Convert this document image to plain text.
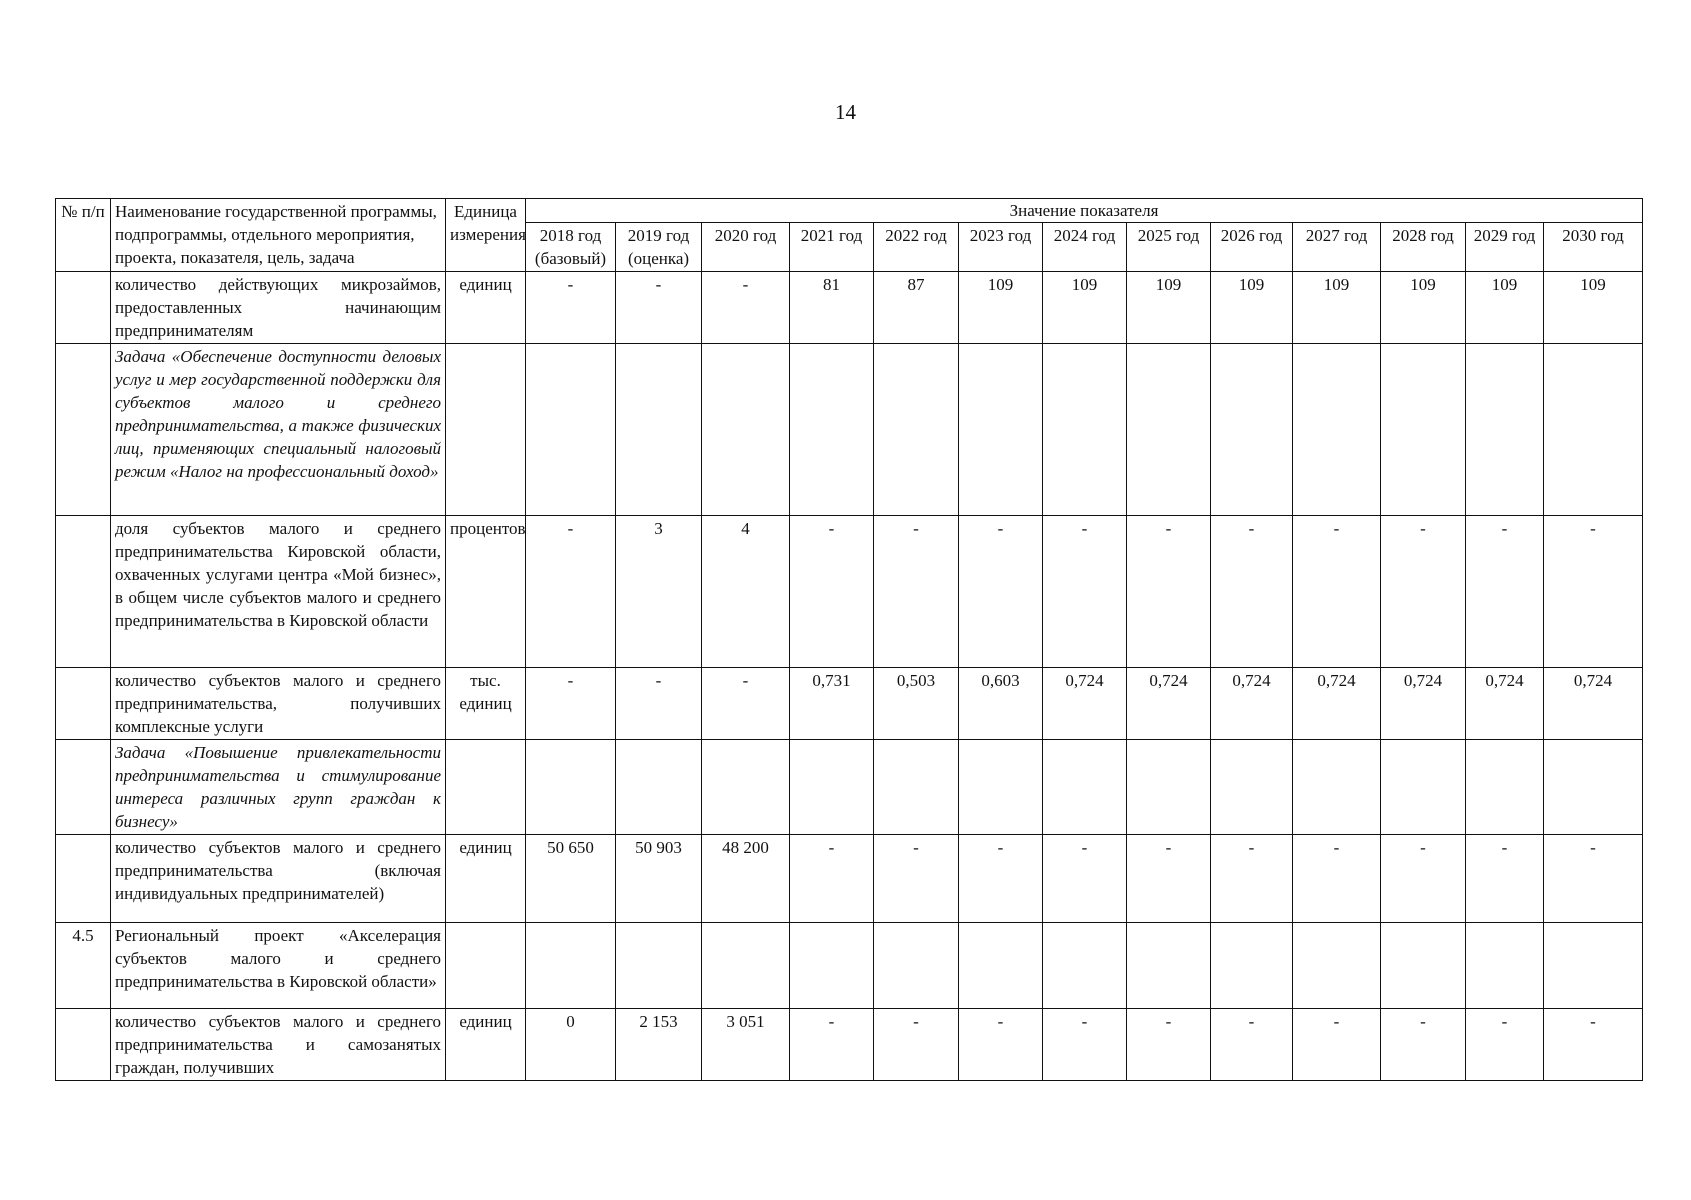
14
№ п/п	Наименование государственной программы, подпрограммы, отдельного мероприятия, проекта, показателя, цель, задача	Единица измерения	Значение показателя												
			2018 год (базовый)	2019 год (оценка)	2020 год	2021 год	2022 год	2023 год	2024 год	2025 год	2026 год	2027 год	2028 год	2029 год	2030 год
	количество действующих микрозаймов, предоставленных начинающим предпринимателям	единиц	-	-	-	81	87	109	109	109	109	109	109	109	109
	Задача «Обеспечение доступности деловых услуг и мер государственной поддержки для субъектов малого и среднего предпринимательства, а также физических лиц, применяющих специальный налоговый режим «Налог на профессиональный доход»														
	доля субъектов малого и среднего предпринимательства Кировской области, охваченных услугами центра «Мой бизнес», в общем числе субъектов малого и среднего предпринимательства в Кировской области	процентов	-	3	4	-	-	-	-	-	-	-	-	-	-
	количество субъектов малого и среднего предпринимательства, получивших комплексные услуги	тыс. единиц	-	-	-	0,731	0,503	0,603	0,724	0,724	0,724	0,724	0,724	0,724	0,724
	Задача «Повышение привлекательности предпринимательства и стимулирование интереса различных групп граждан к бизнесу»														
	количество субъектов малого и среднего предпринимательства (включая индивидуальных предпринимателей)	единиц	50 650	50 903	48 200	-	-	-	-	-	-	-	-	-	-
4.5	Региональный проект «Акселерация субъектов малого и среднего предпринимательства в Кировской области»														
	количество субъектов малого и среднего предпринимательства и самозанятых граждан, получивших	единиц	0	2 153	3 051	-	-	-	-	-	-	-	-	-	-
